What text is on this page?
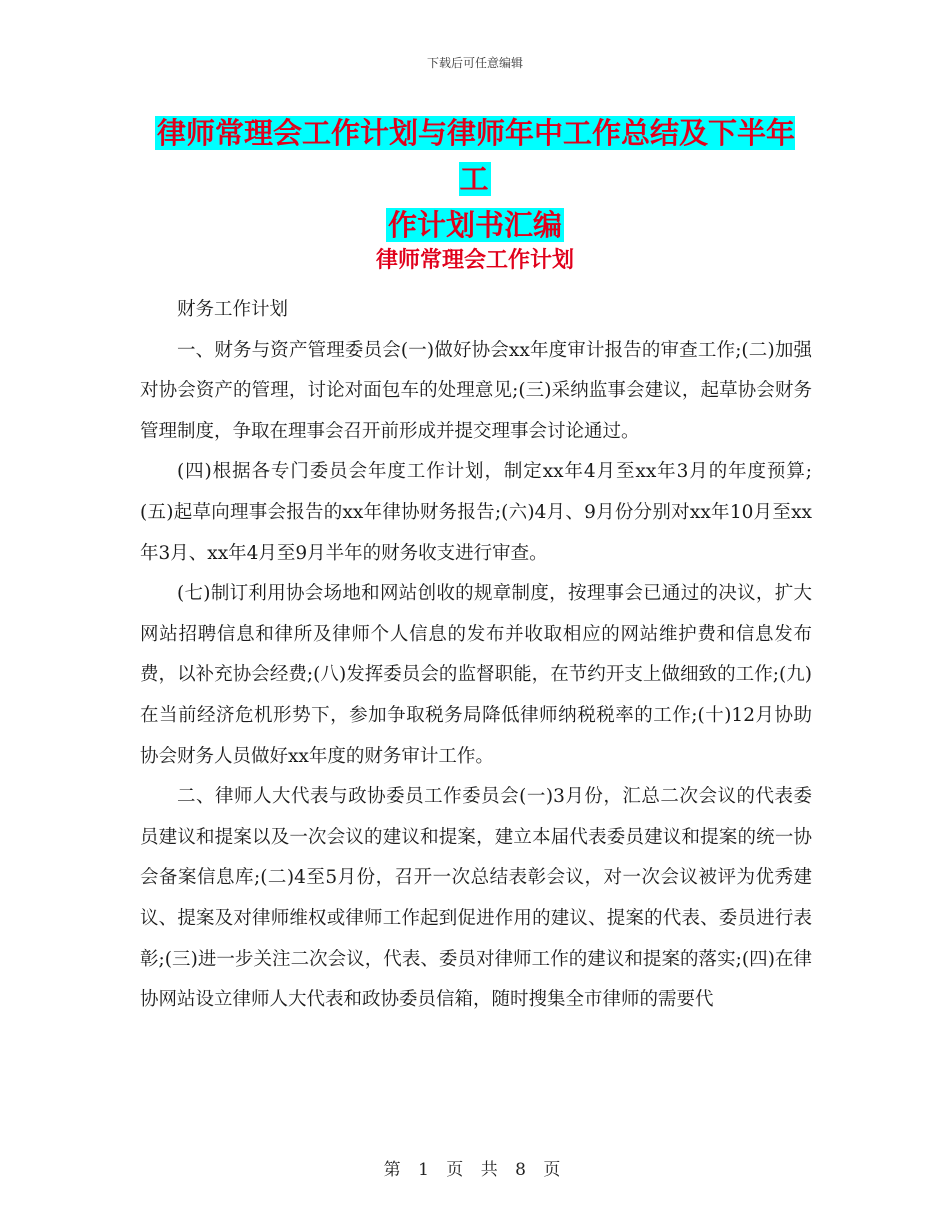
下载后可任意编辑
律师常理会工作计划与律师年中工作总结及下半年工
作计划书汇编
律师常理会工作计划

财务工作计划

一、财务与资产管理委员会(一)做好协会xx年度审计报告的审查工作;(二)加强对协会资产的管理，讨论对面包车的处理意见;(三)采纳监事会建议，起草协会财务管理制度，争取在理事会召开前形成并提交理事会讨论通过。

(四)根据各专门委员会年度工作计划，制定xx年4月至xx年3月的年度预算;(五)起草向理事会报告的xx年律协财务报告;(六)4月、9月份分别对xx年10月至xx年3月、xx年4月至9月半年的财务收支进行审查。

(七)制订利用协会场地和网站创收的规章制度，按理事会已通过的决议，扩大网站招聘信息和律所及律师个人信息的发布并收取相应的网站维护费和信息发布费，以补充协会经费;(八)发挥委员会的监督职能，在节约开支上做细致的工作;(九)在当前经济危机形势下，参加争取税务局降低律师纳税税率的工作;(十)12月协助协会财务人员做好xx年度的财务审计工作。

二、律师人大代表与政协委员工作委员会(一)3月份，汇总二次会议的代表委员建议和提案以及一次会议的建议和提案，建立本届代表委员建议和提案的统一协会备案信息库;(二)4至5月份，召开一次总结表彰会议，对一次会议被评为优秀建议、提案及对律师维权或律师工作起到促进作用的建议、提案的代表、委员进行表彰;(三)进一步关注二次会议，代表、委员对律师工作的建议和提案的落实;(四)在律协网站设立律师人大代表和政协委员信箱，随时搜集全市律师的需要代

第 1 页 共 8 页
